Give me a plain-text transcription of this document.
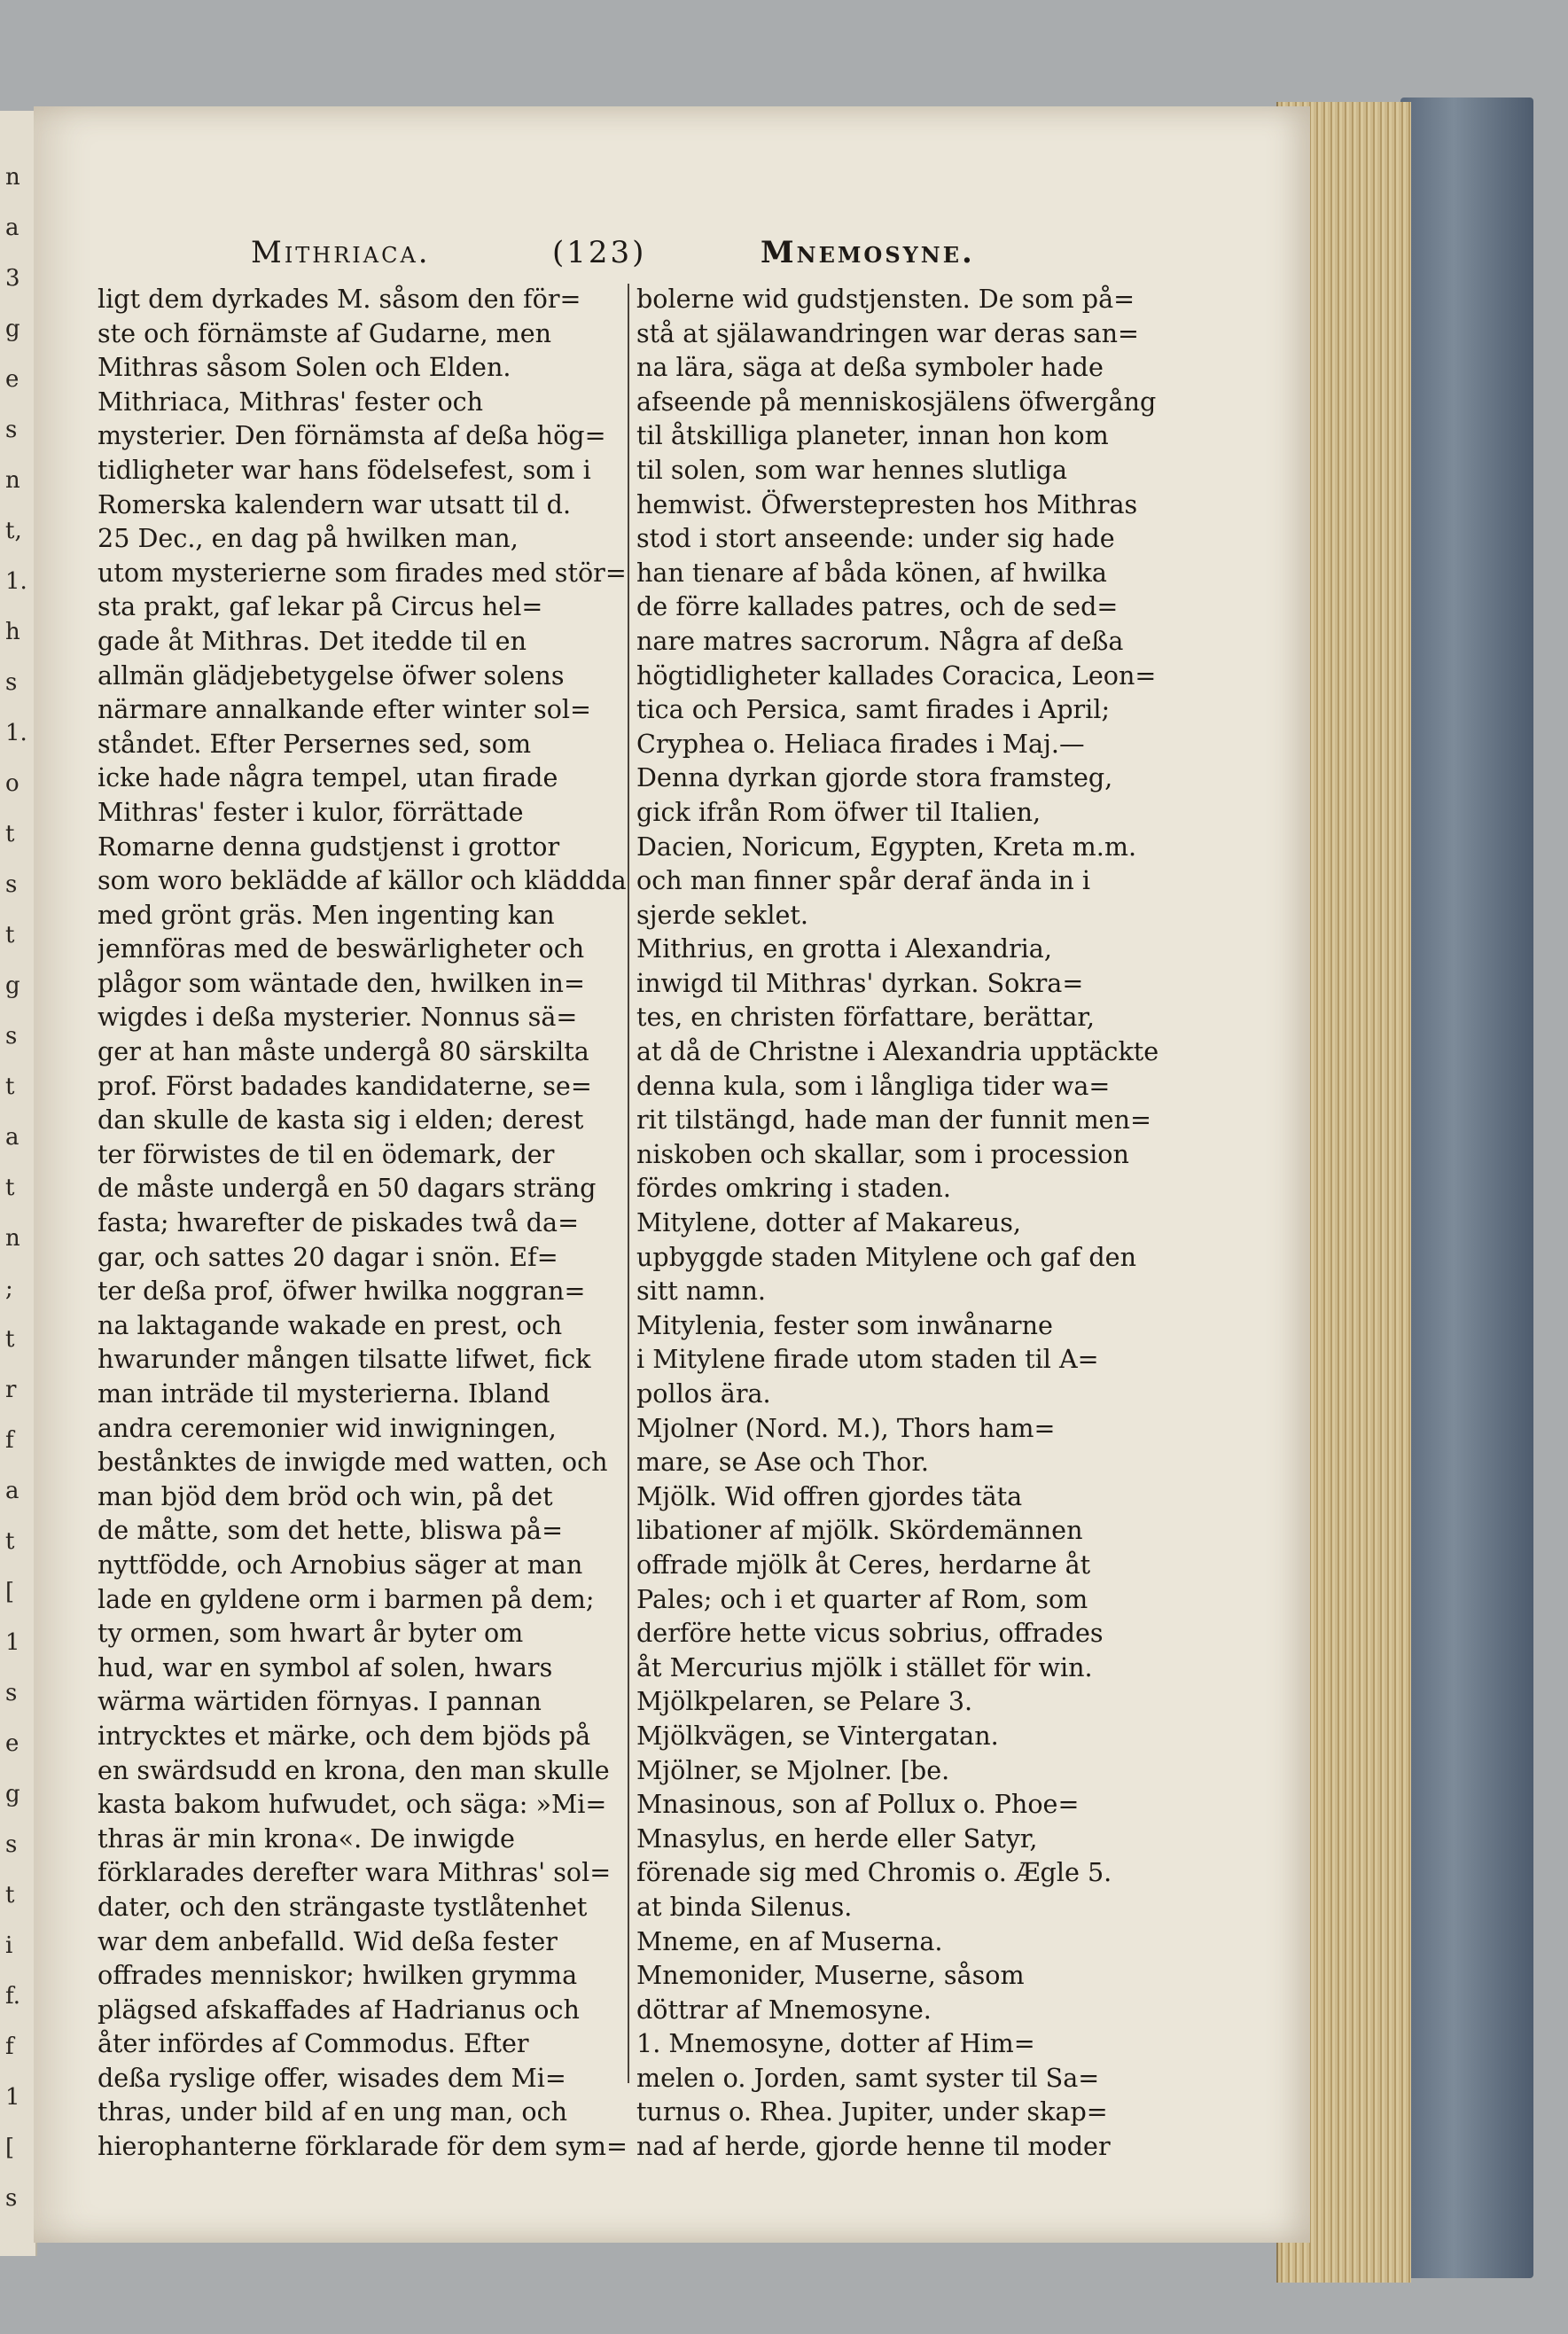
n
a
3
g
e
s
n
t,
1.
h
s
1.
o
t
s
t
g
s
t
a
t
n
;
t
r
f
a
t
[
1
s
e
g
s
t
i
f.
f
1
[
s
Mithriaca.	(123)	Mnemosyne.
ligt dem dyrkades M. såsom den för=
ste och förnämste af Gudarne, men
Mithras såsom Solen och Elden.
Mithriaca, Mithras' fester och
mysterier. Den förnämsta af deßa hög=
tidligheter war hans födelsefest, som i
Romerska kalendern war utsatt til d.
25 Dec., en dag på hwilken man,
utom mysterierne som firades med stör=
sta prakt, gaf lekar på Circus hel=
gade åt Mithras. Det itedde til en
allmän glädjebetygelse öfwer solens
närmare annalkande efter winter sol=
ståndet. Efter Persernes sed, som
icke hade några tempel, utan firade
Mithras' fester i kulor, förrättade
Romarne denna gudstjenst i grottor
som woro beklädde af källor och kläddda
med grönt gräs. Men ingenting kan
jemnföras med de beswärligheter och
plågor som wäntade den, hwilken in=
wigdes i deßa mysterier. Nonnus sä=
ger at han måste undergå 80 särskilta
prof. Först badades kandidaterne, se=
dan skulle de kasta sig i elden; derest
ter förwistes de til en ödemark, der
de måste undergå en 50 dagars sträng
fasta; hwarefter de piskades twå da=
gar, och sattes 20 dagar i snön. Ef=
ter deßa prof, öfwer hwilka noggran=
na laktagande wakade en prest, och
hwarunder mången tilsatte lifwet, fick
man inträde til mysterierna. Ibland
andra ceremonier wid inwigningen,
bestånktes de inwigde med watten, och
man bjöd dem bröd och win, på det
de måtte, som det hette, bliswa på=
nyttfödde, och Arnobius säger at man
lade en gyldene orm i barmen på dem;
ty ormen, som hwart år byter om
hud, war en symbol af solen, hwars
wärma wärtiden förnyas. I pannan
intrycktes et märke, och dem bjöds på
en swärdsudd en krona, den man skulle
kasta bakom hufwudet, och säga: »Mi=
thras är min krona«. De inwigde
förklarades derefter wara Mithras' sol=
dater, och den strängaste tystlåtenhet
war dem anbefalld. Wid deßa fester
offrades menniskor; hwilken grymma
plägsed afskaffades af Hadrianus och
åter infördes af Commodus. Efter
deßa ryslige offer, wisades dem Mi=
thras, under bild af en ung man, och
hierophanterne förklarade för dem sym=
bolerne wid gudstjensten. De som på=
stå at själawandringen war deras san=
na lära, säga at deßa symboler hade
afseende på menniskosjälens öfwergång
til åtskilliga planeter, innan hon kom
til solen, som war hennes slutliga
hemwist. Öfwerstepresten hos Mithras
stod i stort anseende: under sig hade
han tienare af båda könen, af hwilka
de förre kallades patres, och de sed=
nare matres sacrorum. Några af deßa
högtidligheter kallades Coracica, Leon=
tica och Persica, samt firades i April;
Cryphea o. Heliaca firades i Maj.—
Denna dyrkan gjorde stora framsteg,
gick ifrån Rom öfwer til Italien,
Dacien, Noricum, Egypten, Kreta m.m.
och man finner spår deraf ända in i
sjerde seklet.
Mithrius, en grotta i Alexandria,
inwigd til Mithras' dyrkan. Sokra=
tes, en christen författare, berättar,
at då de Christne i Alexandria upptäckte
denna kula, som i långliga tider wa=
rit tilstängd, hade man der funnit men=
niskoben och skallar, som i procession
fördes omkring i staden.
Mitylene, dotter af Makareus,
upbyggde staden Mitylene och gaf den
sitt namn.
Mitylenia, fester som inwånarne
i Mitylene firade utom staden til A=
pollos ära.
Mjolner (Nord. M.), Thors ham=
mare, se Ase och Thor.
Mjölk. Wid offren gjordes täta
libationer af mjölk. Skördemännen
offrade mjölk åt Ceres, herdarne åt
Pales; och i et quarter af Rom, som
derföre hette vicus sobrius, offrades
åt Mercurius mjölk i stället för win.
Mjölkpelaren, se Pelare 3.
Mjölkvägen, se Vintergatan.
Mjölner, se Mjolner. [be.
Mnasinous, son af Pollux o. Phoe=
Mnasylus, en herde eller Satyr,
förenade sig med Chromis o. Ægle 5.
at binda Silenus.
Mneme, en af Muserna.
Mnemonider, Muserne, såsom
döttrar af Mnemosyne.
1. Mnemosyne, dotter af Him=
melen o. Jorden, samt syster til Sa=
turnus o. Rhea. Jupiter, under skap=
nad af herde, gjorde henne til moder
